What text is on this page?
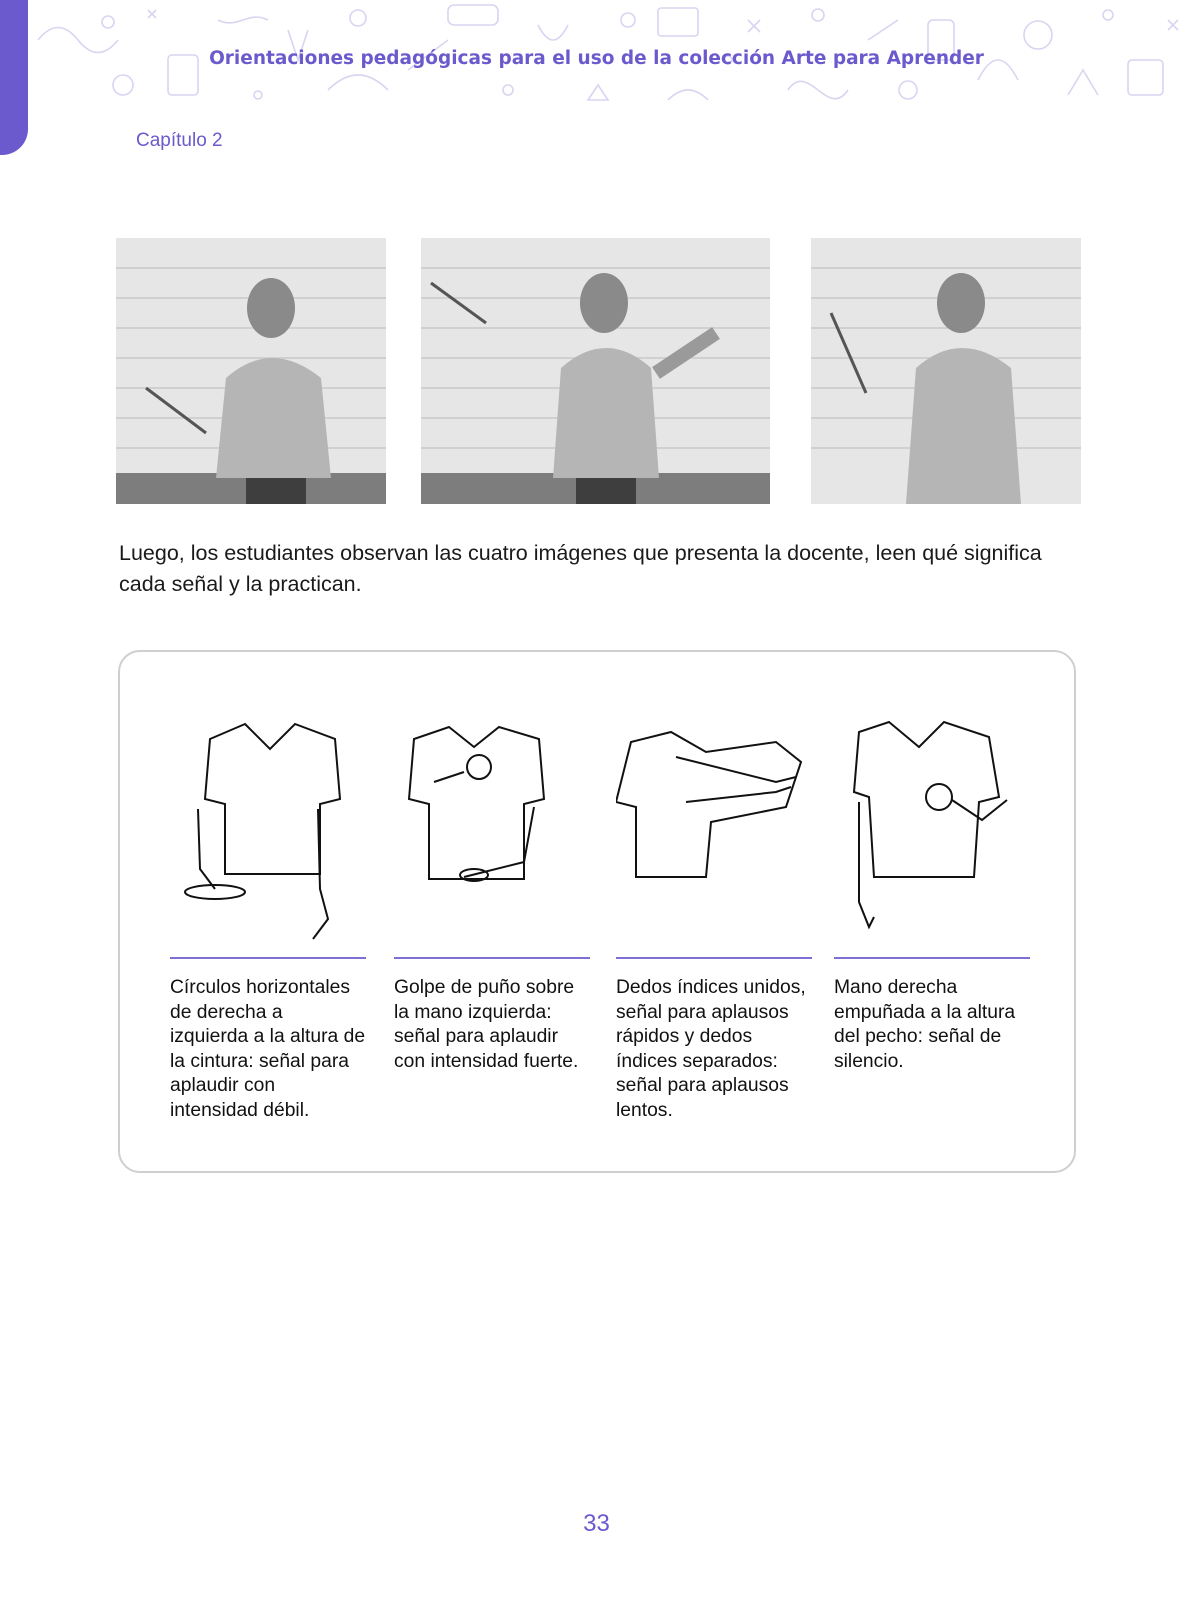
Orientaciones pedagógicas para el uso de la colección Arte para Aprender
Capítulo 2
Luego, los estudiantes observan las cuatro imágenes que presenta la docente, leen qué significa cada señal y la practican.
Círculos horizontales de derecha a izquierda a la altura de la cintura: señal para aplaudir con intensidad débil.
Golpe de puño sobre la mano izquierda: señal para aplaudir con intensidad fuerte.
Dedos índices unidos, señal para aplausos rápidos y dedos índices separados: señal para aplausos lentos.
Mano derecha empuñada a la altura del pecho: señal de silencio.
33
